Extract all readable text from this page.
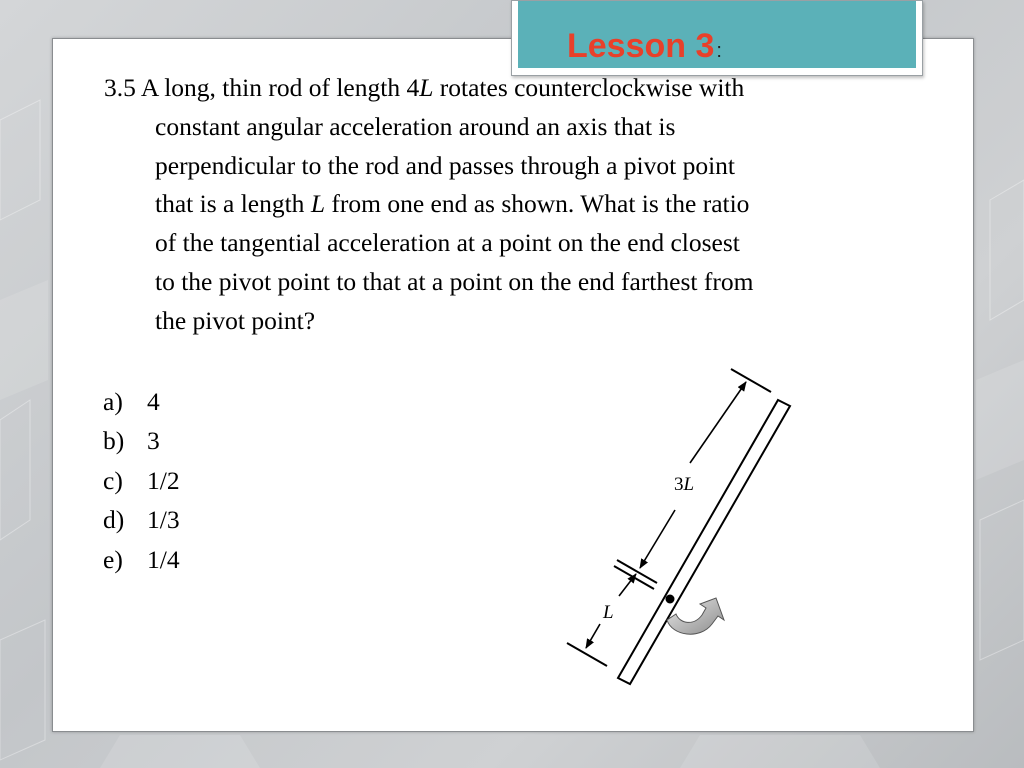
Lesson 3 :
3.5 A long, thin rod of length 4L rotates counterclockwise with
constant angular acceleration around an axis that is
perpendicular to the rod and passes through a pivot point
that is a length L from one end as shown. What is the ratio
of the tangential acceleration at a point on the end closest
to the pivot point to that at a point on the end farthest from
the pivot point?
a) 4
b) 3
c) 1/2
d) 1/3
e) 1/4
3L
L
